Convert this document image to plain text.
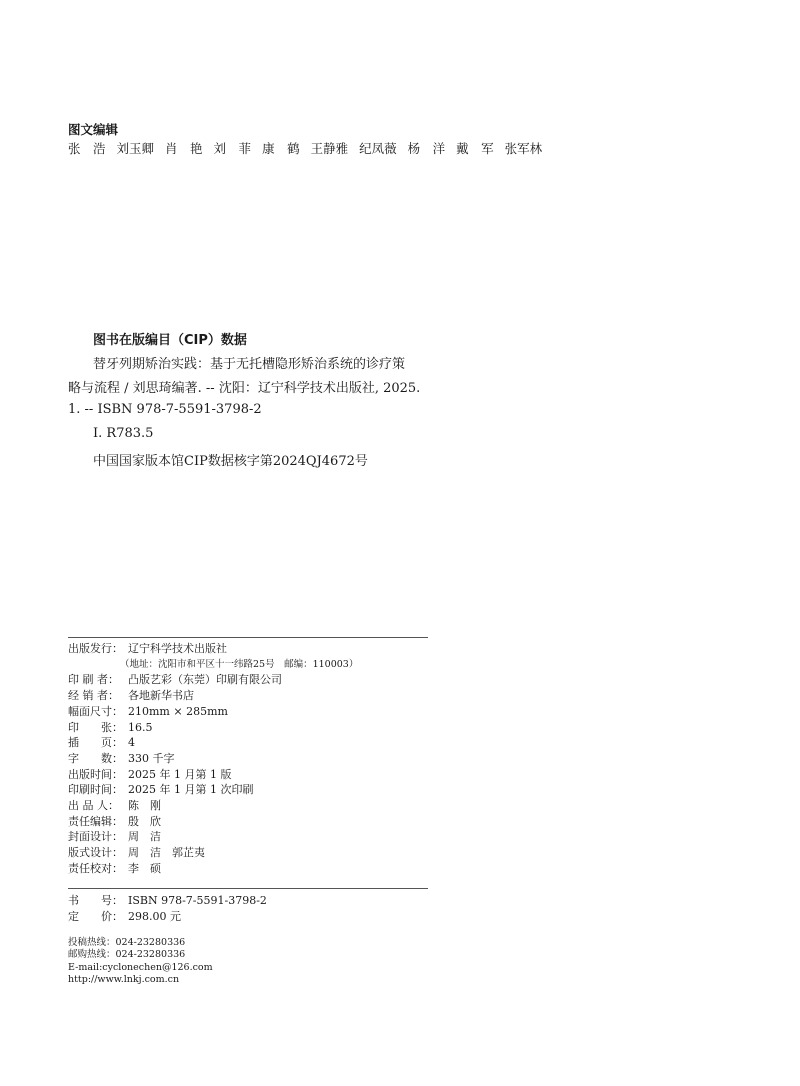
图文编辑
张　浩 刘玉卿 肖　艳 刘　菲 康　鹤 王静雅 纪凤薇 杨　洋 戴　军 张军林
图书在版编目（CIP）数据
替牙列期矫治实践：基于无托槽隐形矫治系统的诊疗策
略与流程 / 刘思琦编著. -- 沈阳：辽宁科学技术出版社, 2025.
1. -- ISBN 978-7-5591-3798-2
Ⅰ. R783.5
中国国家版本馆CIP数据核字第2024QJ4672号
出版发行： 辽宁科学技术出版社
（地址：沈阳市和平区十一纬路25号　邮编：110003）
印 刷 者： 凸版艺彩（东莞）印刷有限公司
经 销 者： 各地新华书店
幅面尺寸： 210mm × 285mm
印　　张： 16.5
插　　页： 4
字　　数： 330 千字
出版时间： 2025 年 1 月第 1 版
印刷时间： 2025 年 1 月第 1 次印刷
出 品 人： 陈　刚
责任编辑： 殷　欣
封面设计： 周　洁
版式设计： 周　洁　郭芷夷
责任校对： 李　硕
书　　号： ISBN 978-7-5591-3798-2
定　　价： 298.00 元
投稿热线：024-23280336
邮购热线：024-23280336
E-mail:cyclonechen@126.com
http://www.lnkj.com.cn
